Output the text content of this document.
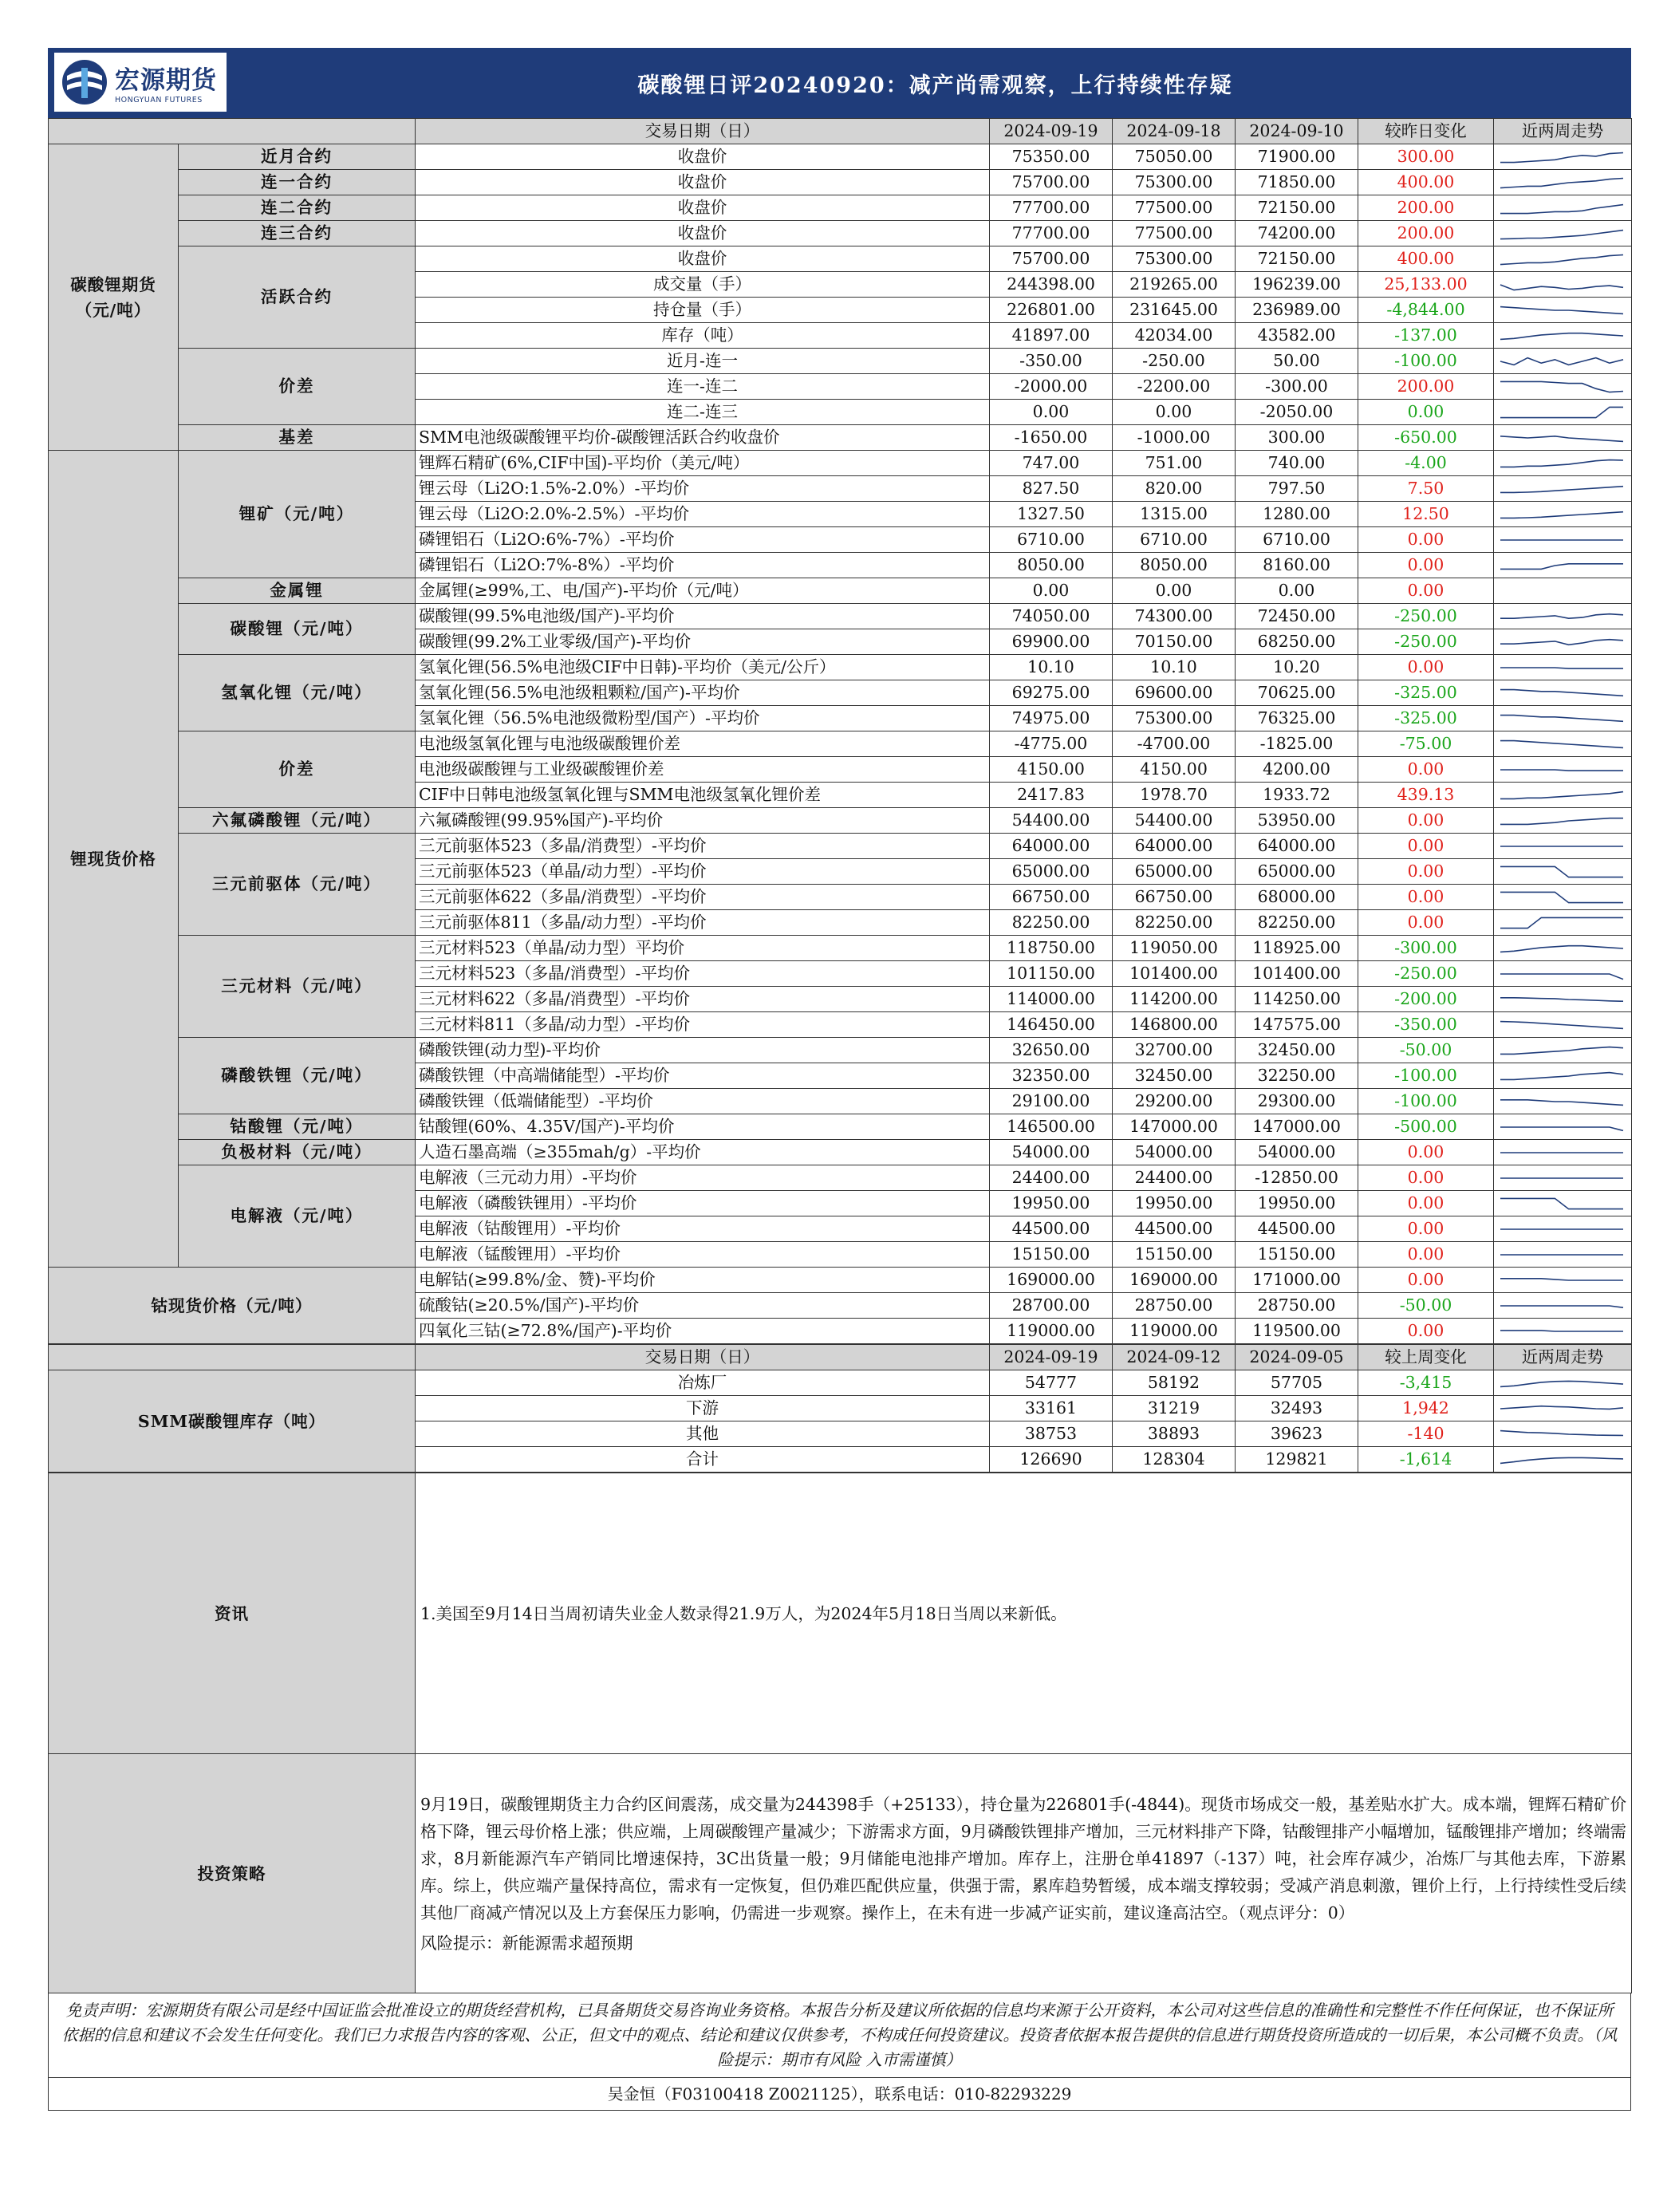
宏源期货
HONGYUAN FUTURES
碳酸锂日评20240920：减产尚需观察，上行持续性存疑
		交易日期（日）	2024-09-19	2024-09-18	2024-09-10	较昨日变化	近两周走势
碳酸锂期货（元/吨）	近月合约	收盘价	75350.00	75050.00	71900.00	300.00	

	连一合约	收盘价	75700.00	75300.00	71850.00	400.00	

	连二合约	收盘价	77700.00	77500.00	72150.00	200.00	

	连三合约	收盘价	77700.00	77500.00	74200.00	200.00	

	活跃合约	收盘价	75700.00	75300.00	72150.00	400.00	

		成交量（手）	244398.00	219265.00	196239.00	25,133.00	

		持仓量（手）	226801.00	231645.00	236989.00	-4,844.00	

		库存（吨）	41897.00	42034.00	43582.00	-137.00	

	价差	近月-连一	-350.00	-250.00	50.00	-100.00	

		连一-连二	-2000.00	-2200.00	-300.00	200.00	

		连二-连三	0.00	0.00	-2050.00	0.00	

	基差	SMM电池级碳酸锂平均价-碳酸锂活跃合约收盘价	-1650.00	-1000.00	300.00	-650.00	

锂现货价格	锂矿（元/吨）	锂辉石精矿(6%,CIF中国)-平均价（美元/吨）	747.00	751.00	740.00	-4.00	

		锂云母（Li2O:1.5%-2.0%）-平均价	827.50	820.00	797.50	7.50	

		锂云母（Li2O:2.0%-2.5%）-平均价	1327.50	1315.00	1280.00	12.50	

		磷锂铝石（Li2O:6%-7%）-平均价	6710.00	6710.00	6710.00	0.00	

		磷锂铝石（Li2O:7%-8%）-平均价	8050.00	8050.00	8160.00	0.00	

	金属锂	金属锂(≥99%,工、电/国产)-平均价（元/吨）	0.00	0.00	0.00	0.00	

	碳酸锂（元/吨）	碳酸锂(99.5%电池级/国产)-平均价	74050.00	74300.00	72450.00	-250.00	

		碳酸锂(99.2%工业零级/国产)-平均价	69900.00	70150.00	68250.00	-250.00	

	氢氧化锂（元/吨）	氢氧化锂(56.5%电池级CIF中日韩)-平均价（美元/公斤）	10.10	10.10	10.20	0.00	

		氢氧化锂(56.5%电池级粗颗粒/国产)-平均价	69275.00	69600.00	70625.00	-325.00	

		氢氧化锂（56.5%电池级微粉型/国产）-平均价	74975.00	75300.00	76325.00	-325.00	

	价差	电池级氢氧化锂与电池级碳酸锂价差	-4775.00	-4700.00	-1825.00	-75.00	

		电池级碳酸锂与工业级碳酸锂价差	4150.00	4150.00	4200.00	0.00	

		CIF中日韩电池级氢氧化锂与SMM电池级氢氧化锂价差	2417.83	1978.70	1933.72	439.13	

	六氟磷酸锂（元/吨）	六氟磷酸锂(99.95%国产)-平均价	54400.00	54400.00	53950.00	0.00	

	三元前驱体（元/吨）	三元前驱体523（多晶/消费型）-平均价	64000.00	64000.00	64000.00	0.00	

		三元前驱体523（单晶/动力型）-平均价	65000.00	65000.00	65000.00	0.00	

		三元前驱体622（多晶/消费型）-平均价	66750.00	66750.00	68000.00	0.00	

		三元前驱体811（多晶/动力型）-平均价	82250.00	82250.00	82250.00	0.00	

	三元材料（元/吨）	三元材料523（单晶/动力型）平均价	118750.00	119050.00	118925.00	-300.00	

		三元材料523（多晶/消费型）-平均价	101150.00	101400.00	101400.00	-250.00	

		三元材料622（多晶/消费型）-平均价	114000.00	114200.00	114250.00	-200.00	

		三元材料811（多晶/动力型）-平均价	146450.00	146800.00	147575.00	-350.00	

	磷酸铁锂（元/吨）	磷酸铁锂(动力型)-平均价	32650.00	32700.00	32450.00	-50.00	

		磷酸铁锂（中高端储能型）-平均价	32350.00	32450.00	32250.00	-100.00	

		磷酸铁锂（低端储能型）-平均价	29100.00	29200.00	29300.00	-100.00	

	钴酸锂（元/吨）	钴酸锂(60%、4.35V/国产)-平均价	146500.00	147000.00	147000.00	-500.00	

	负极材料（元/吨）	人造石墨高端（≥355mah/g）-平均价	54000.00	54000.00	54000.00	0.00	

	电解液（元/吨）	电解液（三元动力用）-平均价	24400.00	24400.00	-12850.00	0.00	

		电解液（磷酸铁锂用）-平均价	19950.00	19950.00	19950.00	0.00	

		电解液（钴酸锂用）-平均价	44500.00	44500.00	44500.00	0.00	

		电解液（锰酸锂用）-平均价	15150.00	15150.00	15150.00	0.00	

钴现货价格（元/吨）		电解钴(≥99.8%/金、赞)-平均价	169000.00	169000.00	171000.00	0.00	

		硫酸钴(≥20.5%/国产)-平均价	28700.00	28750.00	28750.00	-50.00	

		四氧化三钴(≥72.8%/国产)-平均价	119000.00	119000.00	119500.00	0.00	
	交易日期（日）	2024-09-19	2024-09-12	2024-09-05	较上周变化	近两周走势
SMM碳酸锂库存（吨）	冶炼厂	54777	58192	57705	-3,415	

	下游	33161	31219	32493	1,942	

	其他	38753	38893	39623	-140	

	合计	126690	128304	129821	-1,614	
资讯	1.美国至9月14日当周初请失业金人数录得21.9万人，为2024年5月18日当周以来新低。
投资策略	9月19日，碳酸锂期货主力合约区间震荡，成交量为244398手（+25133），持仓量为226801手(-4844)。现货市场成交一般，基差贴水扩大。成本端，锂辉石精矿价格下降，锂云母价格上涨；供应端，上周碳酸锂产量减少；下游需求方面，9月磷酸铁锂排产增加，三元材料排产下降，钴酸锂排产小幅增加，锰酸锂排产增加；终端需求，8月新能源汽车产销同比增速保持，3C出货量一般；9月储能电池排产增加。库存上，注册仓单41897（-137）吨，社会库存减少，冶炼厂与其他去库，下游累库。综上，供应端产量保持高位，需求有一定恢复，但仍难匹配供应量，供强于需，累库趋势暂缓，成本端支撑较弱；受减产消息刺激，锂价上行，上行持续性受后续其他厂商减产情况以及上方套保压力影响，仍需进一步观察。操作上，在未有进一步减产证实前，建议逢高沽空。（观点评分：0）
风险提示：新能源需求超预期
免责声明：宏源期货有限公司是经中国证监会批准设立的期货经营机构，已具备期货交易咨询业务资格。本报告分析及建议所依据的信息均来源于公开资料，本公司对这些信息的准确性和完整性不作任何保证，也不保证所依据的信息和建议不会发生任何变化。我们已力求报告内容的客观、公正，但文中的观点、结论和建议仅供参考，不构成任何投资建议。投资者依据本报告提供的信息进行期货投资所造成的一切后果，本公司概不负责。（风险提示：期市有风险 入市需谨慎）
吴金恒（F03100418 Z0021125），联系电话：010-82293229
